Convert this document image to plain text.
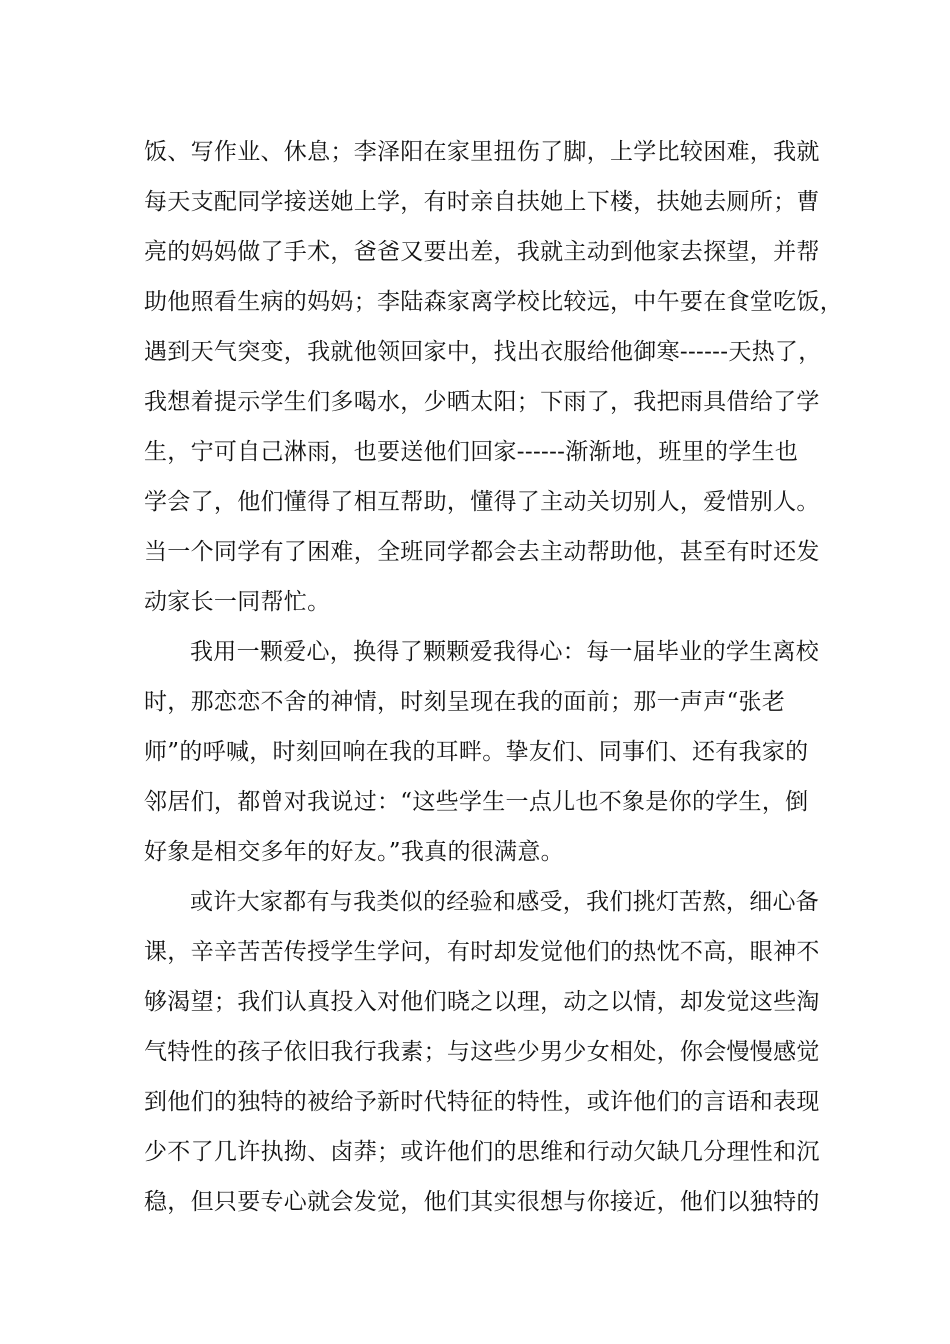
饭、写作业、休息；李泽阳在家里扭伤了脚，上学比较困难，我就
每天支配同学接送她上学，有时亲自扶她上下楼，扶她去厕所；曹
亮的妈妈做了手术，爸爸又要出差，我就主动到他家去探望，并帮
助他照看生病的妈妈；李陆森家离学校比较远，中午要在食堂吃饭，
遇到天气突变，我就他领回家中，找出衣服给他御寒------天热了，
我想着提示学生们多喝水，少晒太阳；下雨了，我把雨具借给了学
生，宁可自己淋雨，也要送他们回家------渐渐地，班里的学生也
学会了，他们懂得了相互帮助，懂得了主动关切别人，爱惜别人。
当一个同学有了困难，全班同学都会去主动帮助他，甚至有时还发
动家长一同帮忙。
我用一颗爱心，换得了颗颗爱我得心：每一届毕业的学生离校
时，那恋恋不舍的神情，时刻呈现在我的面前；那一声声“张老
师”的呼喊，时刻回响在我的耳畔。挚友们、同事们、还有我家的
邻居们，都曾对我说过：“这些学生一点儿也不象是你的学生，倒
好象是相交多年的好友。”我真的很满意。
或许大家都有与我类似的经验和感受，我们挑灯苦熬，细心备
课，辛辛苦苦传授学生学问，有时却发觉他们的热忱不高，眼神不
够渴望；我们认真投入对他们晓之以理，动之以情，却发觉这些淘
气特性的孩子依旧我行我素；与这些少男少女相处，你会慢慢感觉
到他们的独特的被给予新时代特征的特性，或许他们的言语和表现
少不了几许执拗、卤莽；或许他们的思维和行动欠缺几分理性和沉
稳，但只要专心就会发觉，他们其实很想与你接近，他们以独特的
